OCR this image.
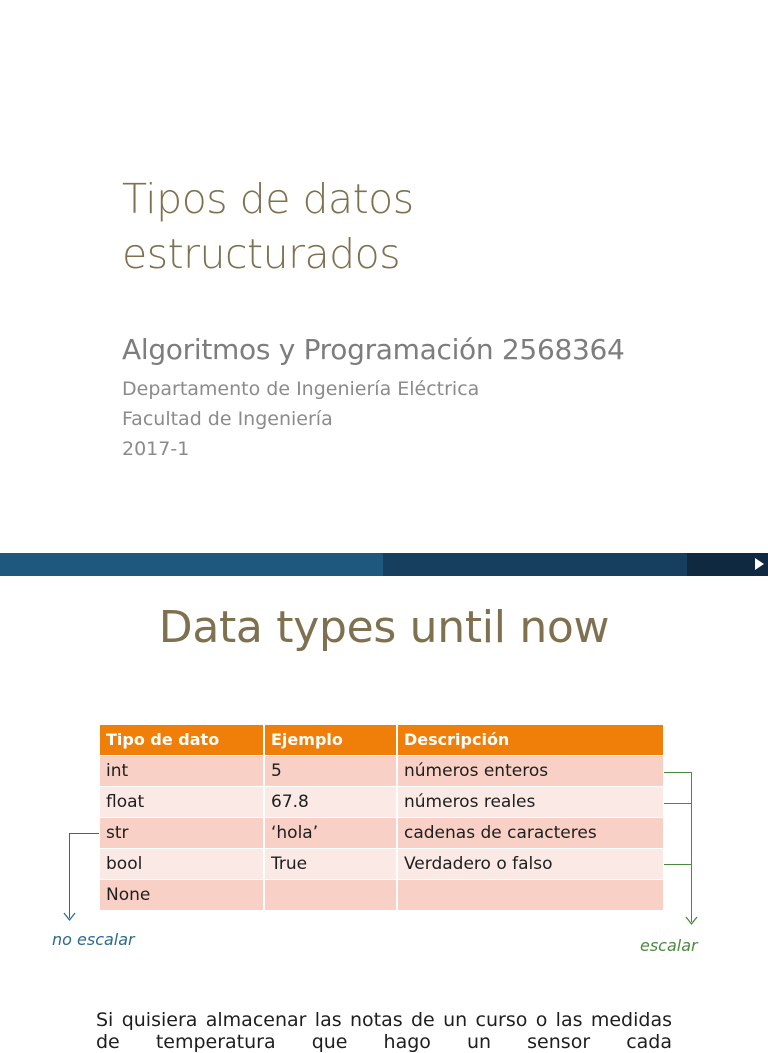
Tipos de datos
estructurados
Algoritmos y Programación 2568364
Departamento de Ingeniería Eléctrica
Facultad de Ingeniería
2017-1
Data types until now
Tipo de dato	Ejemplo	Descripción
int	5	números enteros
float	67.8	números reales
str	‘hola’	cadenas de caracteres
bool	True	Verdadero o falso
None		
no escalar	escalar

Si quisiera almacenar las notas de un curso o las medidas de temperatura que hago un sensor cada
